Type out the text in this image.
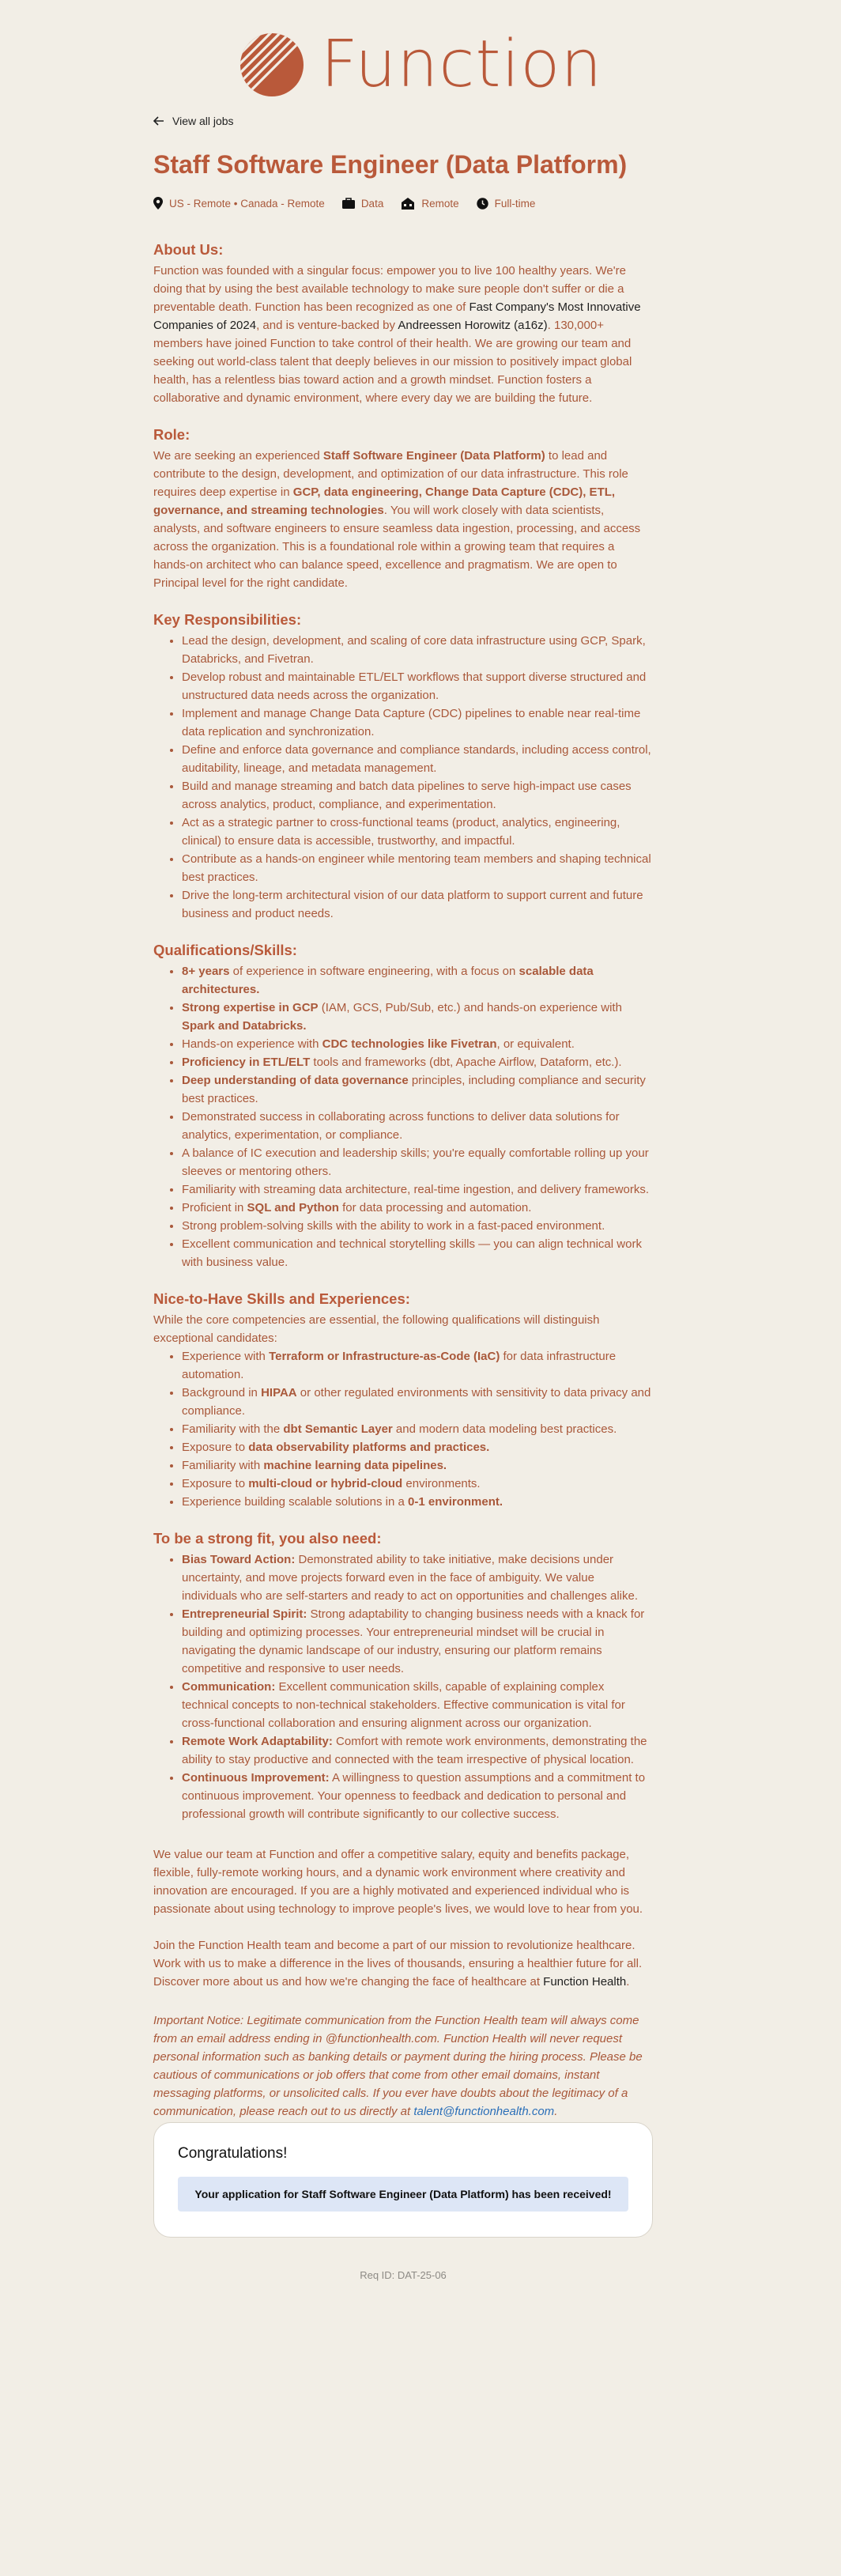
Function
View all jobs
Staff Software Engineer (Data Platform)
US - Remote • Canada - Remote	Data	Remote	Full-time
About Us:

Function was founded with a singular focus: empower you to live 100 healthy years. We're doing that by using the best available technology to make sure people don't suffer or die a preventable death. Function has been recognized as one of Fast Company's Most Innovative Companies of 2024, and is venture-backed by Andreessen Horowitz (a16z). 130,000+ members have joined Function to take control of their health. We are growing our team and seeking out world-class talent that deeply believes in our mission to positively impact global health, has a relentless bias toward action and a growth mindset. Function fosters a collaborative and dynamic environment, where every day we are building the future.

Role:

We are seeking an experienced Staff Software Engineer (Data Platform) to lead and contribute to the design, development, and optimization of our data infrastructure. This role requires deep expertise in GCP, data engineering, Change Data Capture (CDC), ETL, governance, and streaming technologies. You will work closely with data scientists, analysts, and software engineers to ensure seamless data ingestion, processing, and access across the organization. This is a foundational role within a growing team that requires a hands-on architect who can balance speed, excellence and pragmatism. We are open to Principal level for the right candidate.

Key Responsibilities:
• Lead the design, development, and scaling of core data infrastructure using GCP, Spark, Databricks, and Fivetran.
• Develop robust and maintainable ETL/ELT workflows that support diverse structured and unstructured data needs across the organization.
• Implement and manage Change Data Capture (CDC) pipelines to enable near real-time data replication and synchronization.
• Define and enforce data governance and compliance standards, including access control, auditability, lineage, and metadata management.
• Build and manage streaming and batch data pipelines to serve high-impact use cases across analytics, product, compliance, and experimentation.
• Act as a strategic partner to cross-functional teams (product, analytics, engineering, clinical) to ensure data is accessible, trustworthy, and impactful.
• Contribute as a hands-on engineer while mentoring team members and shaping technical best practices.
• Drive the long-term architectural vision of our data platform to support current and future business and product needs.
Qualifications/Skills:
• 8+ years of experience in software engineering, with a focus on scalable data architectures.
• Strong expertise in GCP (IAM, GCS, Pub/Sub, etc.) and hands-on experience with Spark and Databricks.
• Hands-on experience with CDC technologies like Fivetran, or equivalent.
• Proficiency in ETL/ELT tools and frameworks (dbt, Apache Airflow, Dataform, etc.).
• Deep understanding of data governance principles, including compliance and security best practices.
• Demonstrated success in collaborating across functions to deliver data solutions for analytics, experimentation, or compliance.
• A balance of IC execution and leadership skills; you're equally comfortable rolling up your sleeves or mentoring others.
• Familiarity with streaming data architecture, real-time ingestion, and delivery frameworks.
• Proficient in SQL and Python for data processing and automation.
• Strong problem-solving skills with the ability to work in a fast-paced environment.
• Excellent communication and technical storytelling skills — you can align technical work with business value.
Nice-to-Have Skills and Experiences:

While the core competencies are essential, the following qualifications will distinguish exceptional candidates:

• Experience with Terraform or Infrastructure-as-Code (IaC) for data infrastructure automation.
• Background in HIPAA or other regulated environments with sensitivity to data privacy and compliance.
• Familiarity with the dbt Semantic Layer and modern data modeling best practices.
• Exposure to data observability platforms and practices.
• Familiarity with machine learning data pipelines.
• Exposure to multi-cloud or hybrid-cloud environments.
• Experience building scalable solutions in a 0-1 environment.
To be a strong fit, you also need:
• Bias Toward Action: Demonstrated ability to take initiative, make decisions under uncertainty, and move projects forward even in the face of ambiguity. We value individuals who are self-starters and ready to act on opportunities and challenges alike.
• Entrepreneurial Spirit: Strong adaptability to changing business needs with a knack for building and optimizing processes. Your entrepreneurial mindset will be crucial in navigating the dynamic landscape of our industry, ensuring our platform remains competitive and responsive to user needs.
• Communication: Excellent communication skills, capable of explaining complex technical concepts to non-technical stakeholders. Effective communication is vital for cross-functional collaboration and ensuring alignment across our organization.
• Remote Work Adaptability: Comfort with remote work environments, demonstrating the ability to stay productive and connected with the team irrespective of physical location.
• Continuous Improvement: A willingness to question assumptions and a commitment to continuous improvement. Your openness to feedback and dedication to personal and professional growth will contribute significantly to our collective success.

We value our team at Function and offer a competitive salary, equity and benefits package, flexible, fully-remote working hours, and a dynamic work environment where creativity and innovation are encouraged. If you are a highly motivated and experienced individual who is passionate about using technology to improve people's lives, we would love to hear from you.

Join the Function Health team and become a part of our mission to revolutionize healthcare. Work with us to make a difference in the lives of thousands, ensuring a healthier future for all. Discover more about us and how we're changing the face of healthcare at Function Health.

Important Notice: Legitimate communication from the Function Health team will always come from an email address ending in @functionhealth.com. Function Health will never request personal information such as banking details or payment during the hiring process. Please be cautious of communications or job offers that come from other email domains, instant messaging platforms, or unsolicited calls. If you ever have doubts about the legitimacy of a communication, please reach out to us directly at talent@functionhealth.com.

Congratulations!
Your application for Staff Software Engineer (Data Platform) has been received!
Req ID: DAT-25-06
